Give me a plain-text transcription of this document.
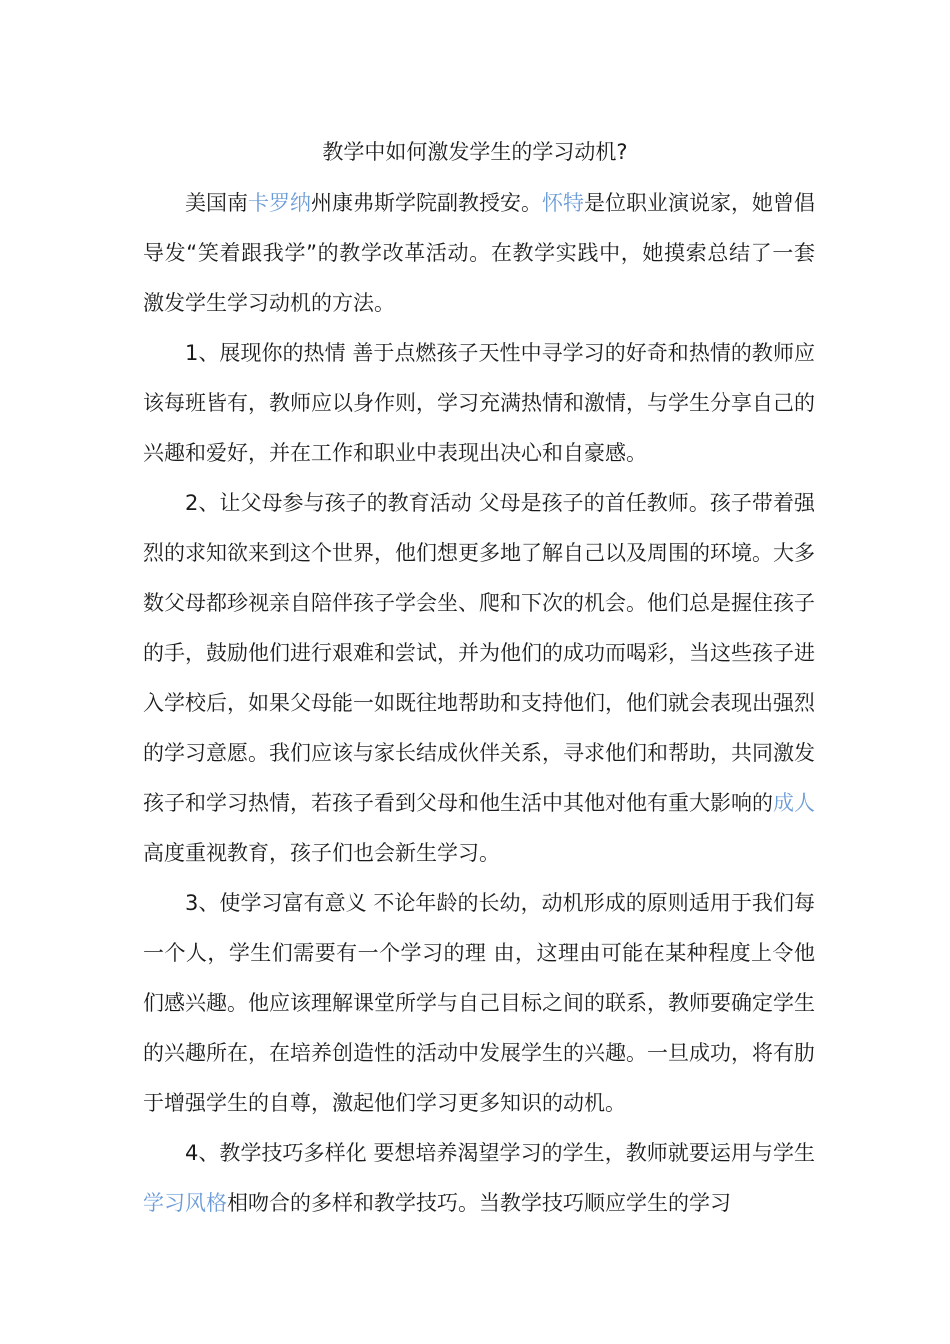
教学中如何激发学生的学习动机?

美国南卡罗纳州康弗斯学院副教授安。怀特是位职业演说家，她曾倡导发“笑着跟我学”的教学改革活动。在教学实践中，她摸索总结了一套激发学生学习动机的方法。

1、展现你的热情 善于点燃孩子天性中寻学习的好奇和热情的教师应该每班皆有，教师应以身作则，学习充满热情和激情，与学生分享自己的兴趣和爱好，并在工作和职业中表现出决心和自豪感。

2、让父母参与孩子的教育活动 父母是孩子的首任教师。孩子带着强烈的求知欲来到这个世界，他们想更多地了解自己以及周围的环境。大多数父母都珍视亲自陪伴孩子学会坐、爬和下次的机会。他们总是握住孩子的手，鼓励他们进行艰难和尝试，并为他们的成功而喝彩，当这些孩子进入学校后，如果父母能一如既往地帮助和支持他们，他们就会表现出强烈的学习意愿。我们应该与家长结成伙伴关系，寻求他们和帮助，共同激发孩子和学习热情，若孩子看到父母和他生活中其他对他有重大影响的成人高度重视教育，孩子们也会新生学习。

3、使学习富有意义 不论年龄的长幼，动机形成的原则适用于我们每一个人，学生们需要有一个学习的理 由，这理由可能在某种程度上令他们感兴趣。他应该理解课堂所学与自己目标之间的联系，教师要确定学生的兴趣所在，在培养创造性的活动中发展学生的兴趣。一旦成功，将有肋于增强学生的自尊，激起他们学习更多知识的动机。

4、教学技巧多样化 要想培养渴望学习的学生，教师就要运用与学生学习风格相吻合的多样和教学技巧。当教学技巧顺应学生的学习
